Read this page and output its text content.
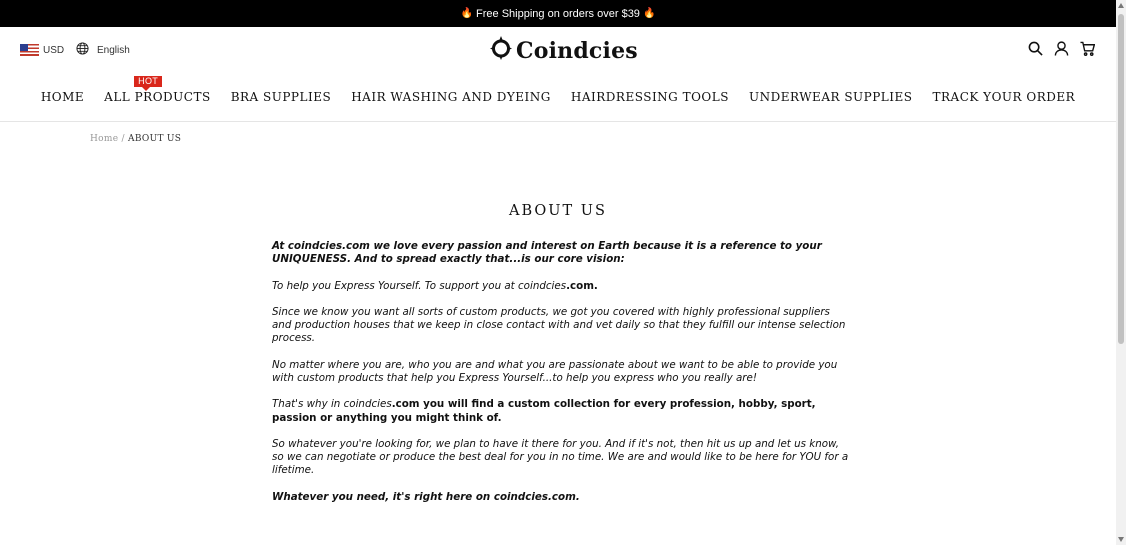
🔥 Free Shipping on orders over $39 🔥
USD	English	Coindcies
HOME
HOT
ALL PRODUCTS BRA SUPPLIES HAIR WASHING AND DYEING HAIRDRESSING TOOLS UNDERWEAR SUPPLIES TRACK YOUR ORDER
Home / ABOUT US
ABOUT US

At coindcies.com we love every passion and interest on Earth because it is a reference to your UNIQUENESS. And to spread exactly that...is our core vision:

To help you Express Yourself. To support you at coindcies.com.

Since we know you want all sorts of custom products, we got you covered with highly professional suppliers and production houses that we keep in close contact with and vet daily so that they fulfill our intense selection process.

No matter where you are, who you are and what you are passionate about we want to be able to provide you with custom products that help you Express Yourself...to help you express who you really are!

That's why in coindcies.com you will find a custom collection for every profession, hobby, sport, passion or anything you might think of.

So whatever you're looking for, we plan to have it there for you. And if it's not, then hit us up and let us know, so we can negotiate or produce the best deal for you in no time. We are and would like to be here for YOU for a lifetime.

Whatever you need, it's right here on coindcies.com.
